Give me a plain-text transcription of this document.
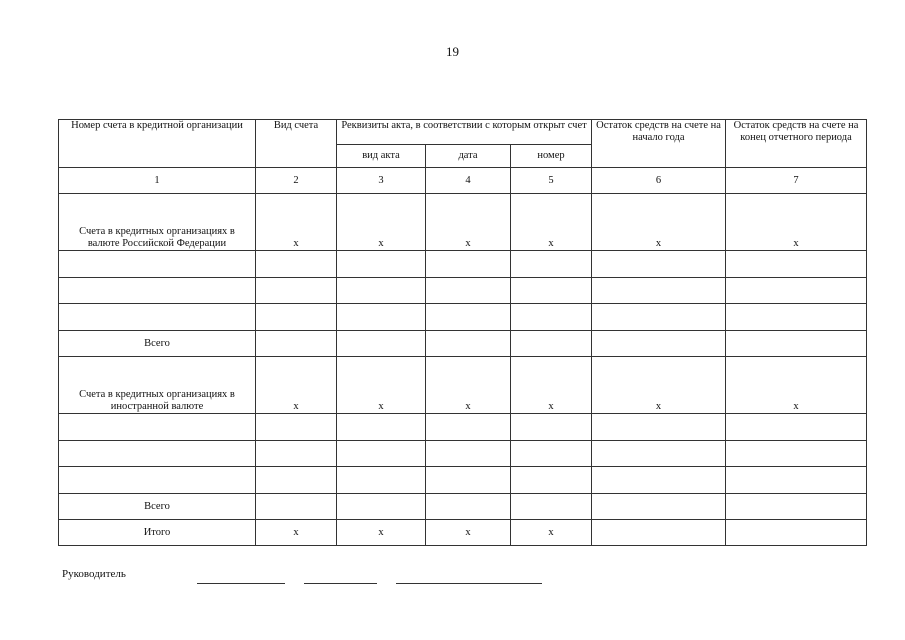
19
Номер счета в кредитной организации	Вид счета	Реквизиты акта, в соответствии с которым открыт счет			Остаток средств на счете на начало года	Остаток средств на счете на конец отчетного периода
		вид акта	дата	номер		
1	2	3	4	5	6	7
Счета в кредитных организациях в валюте Российской Федерации	x	x	x	x	x	x

Всего						
Счета в кредитных организациях в иностранной валюте	x	x	x	x	x	x

Всего						
Итого	x	x	x	x		
Руководитель
